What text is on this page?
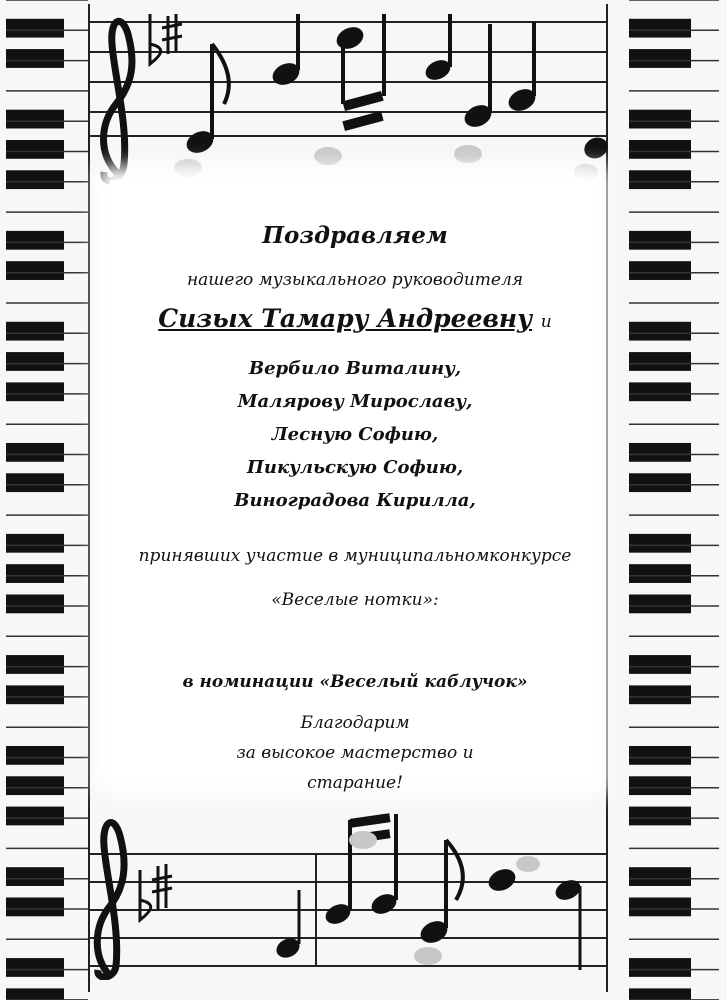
Поздравляем
нашего музыкального руководителя
Сизых Тамару Андреевну и
Вербило Виталину,
Малярову Мирославу,
Лесную Софию,
Пикульскую Софию,
Виноградова Кирилла,
принявших участие в муниципальномконкурсе
«Веселые нотки»:
в номинации «Веселый каблучок»
Благодарим
за высокое мастерство и
старание!
